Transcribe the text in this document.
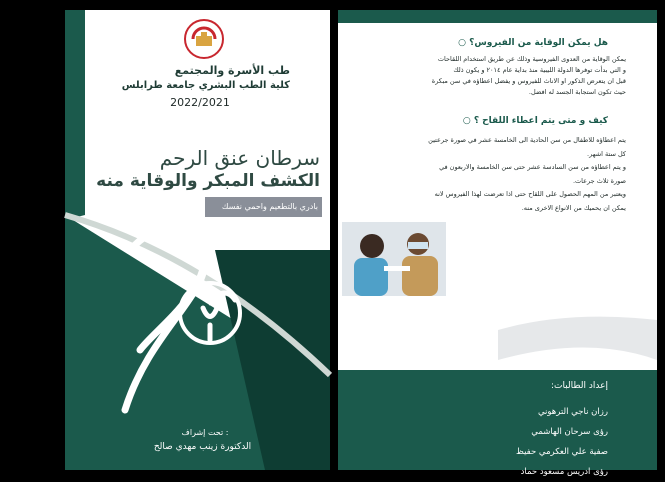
طب الأسرة والمجتمع
كلية الطب البشري جامعة طرابلس
2022/2021
سرطان عنق الرحم
الكشف المبكر والوقاية منه
بادري بالتطعيم واحمي نفسك
تحت إشراف :
الدكتورة زينب مهدي صالح
هل يمكن الوقاية من الفيروس؟ ○
يمكن الوقاية من العدوى الفيروسية وذلك عن طريق استخدام اللقاحات
و التي بدأت توفرها الدولة الليبية منذ بداية عام ٢٠١٤ و يكون ذلك
قبل ان يتعرض الذكور او الاناث للفيروس و يفضل اعطاؤه في سن مبكرة
حيث تكون استجابة الجسد له افضل.
كيف و متى يتم اعطاء اللقاح ؟ ○
يتم اعطاؤه للاطفال من سن الحادية الى الخامسة عشر في صورة جرعتين
كل ستة اشهر.
و يتم اعطاؤه من سن السادسة عشر حتى سن الخامسة والاربعون في
صورة ثلاث جرعات.
ويعتبر من المهم الحصول على اللقاح حتى اذا تعرضت لهذا الفيروس لانه
يمكن ان يحميك من الانواع الاخرى منه.
إعداد الطالبات:
رزان ناجي الترهوني
رؤى سرحان الهاشمي
صفية علي العكرمي حفيظ
رؤى ادريس مسعود حماد
